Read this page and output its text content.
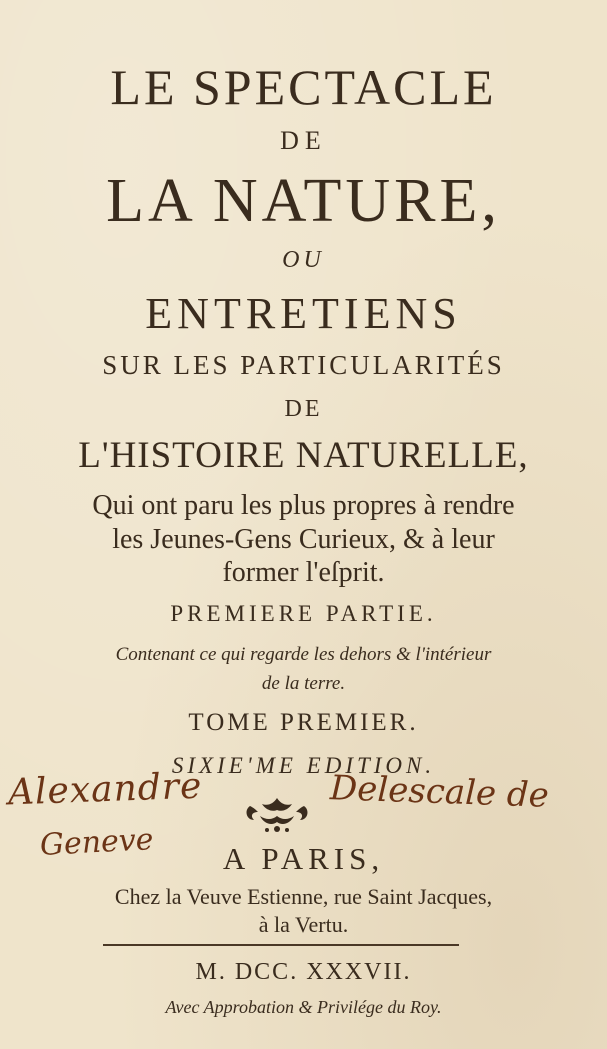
LE SPECTACLE
DE
LA NATURE,
OU
ENTRETIENS
SUR LES PARTICULARITÉS
DE
L'HISTOIRE NATURELLE,
Qui ont paru les plus propres à rendre
les Jeunes-Gens Curieux, & à leur
former l'eſprit.
PREMIERE PARTIE.
Contenant ce qui regarde les dehors & l'intérieur
de la terre.
TOME PREMIER.
SIXIE'ME EDITION.
A PARIS,
Chez la Veuve Estienne, rue Saint Jacques,
à la Vertu.
M. DCC. XXXVII.
Avec Approbation & Privilége du Roy.
Alexandre	Delescale de
Geneve
